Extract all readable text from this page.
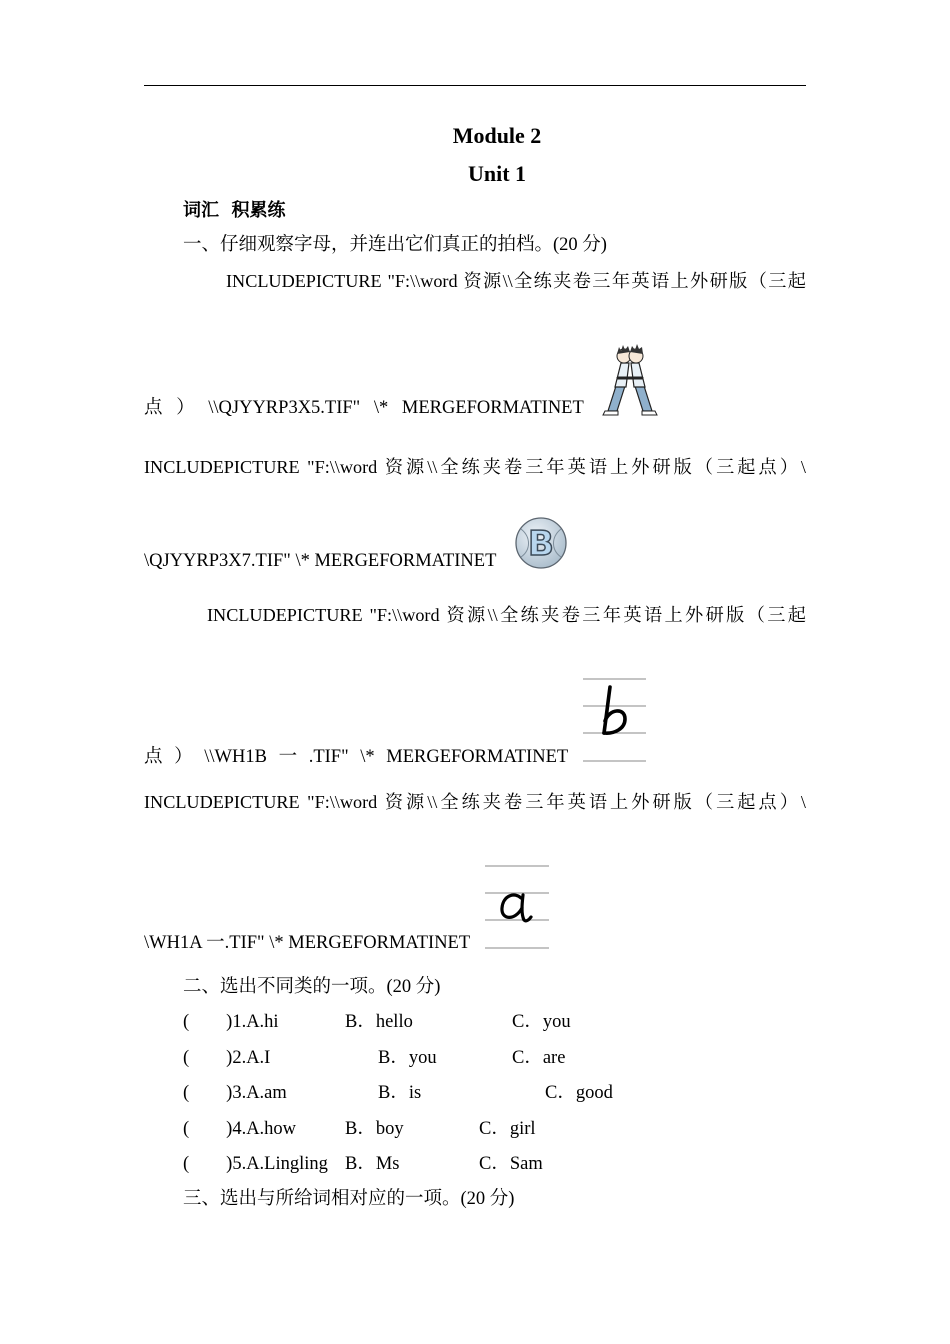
Module 2
Unit 1
词汇  积累练
一、仔细观察字母，并连出它们真正的拍档。(20 分)
INCLUDEPICTURE "F:\\word 资源\\全练夹卷三年英语上外研版（三起
点 ） \\QJYYRP3X5.TIF" \* MERGEFORMATINET
INCLUDEPICTURE "F:\\word 资源\\全练夹卷三年英语上外研版（三起点）\
\QJYYRP3X7.TIF" \* MERGEFORMATINET
INCLUDEPICTURE "F:\\word 资源\\全练夹卷三年英语上外研版（三起
点 ） \\WH1B 一 .TIF" \* MERGEFORMATINET
INCLUDEPICTURE "F:\\word 资源\\全练夹卷三年英语上外研版（三起点）\
\WH1A 一.TIF" \* MERGEFORMATINET
B
二、选出不同类的一项。(20 分)
(　　)1.A.hi	B．hello	C．you
(　　)2.A.I	B．you	C．are
(　　)3.A.am	B．is	C．good
(　　)4.A.how	B．boy	C．girl
(　　)5.A.Lingling B．Ms	C．Sam
三、选出与所给词相对应的一项。(20 分)
